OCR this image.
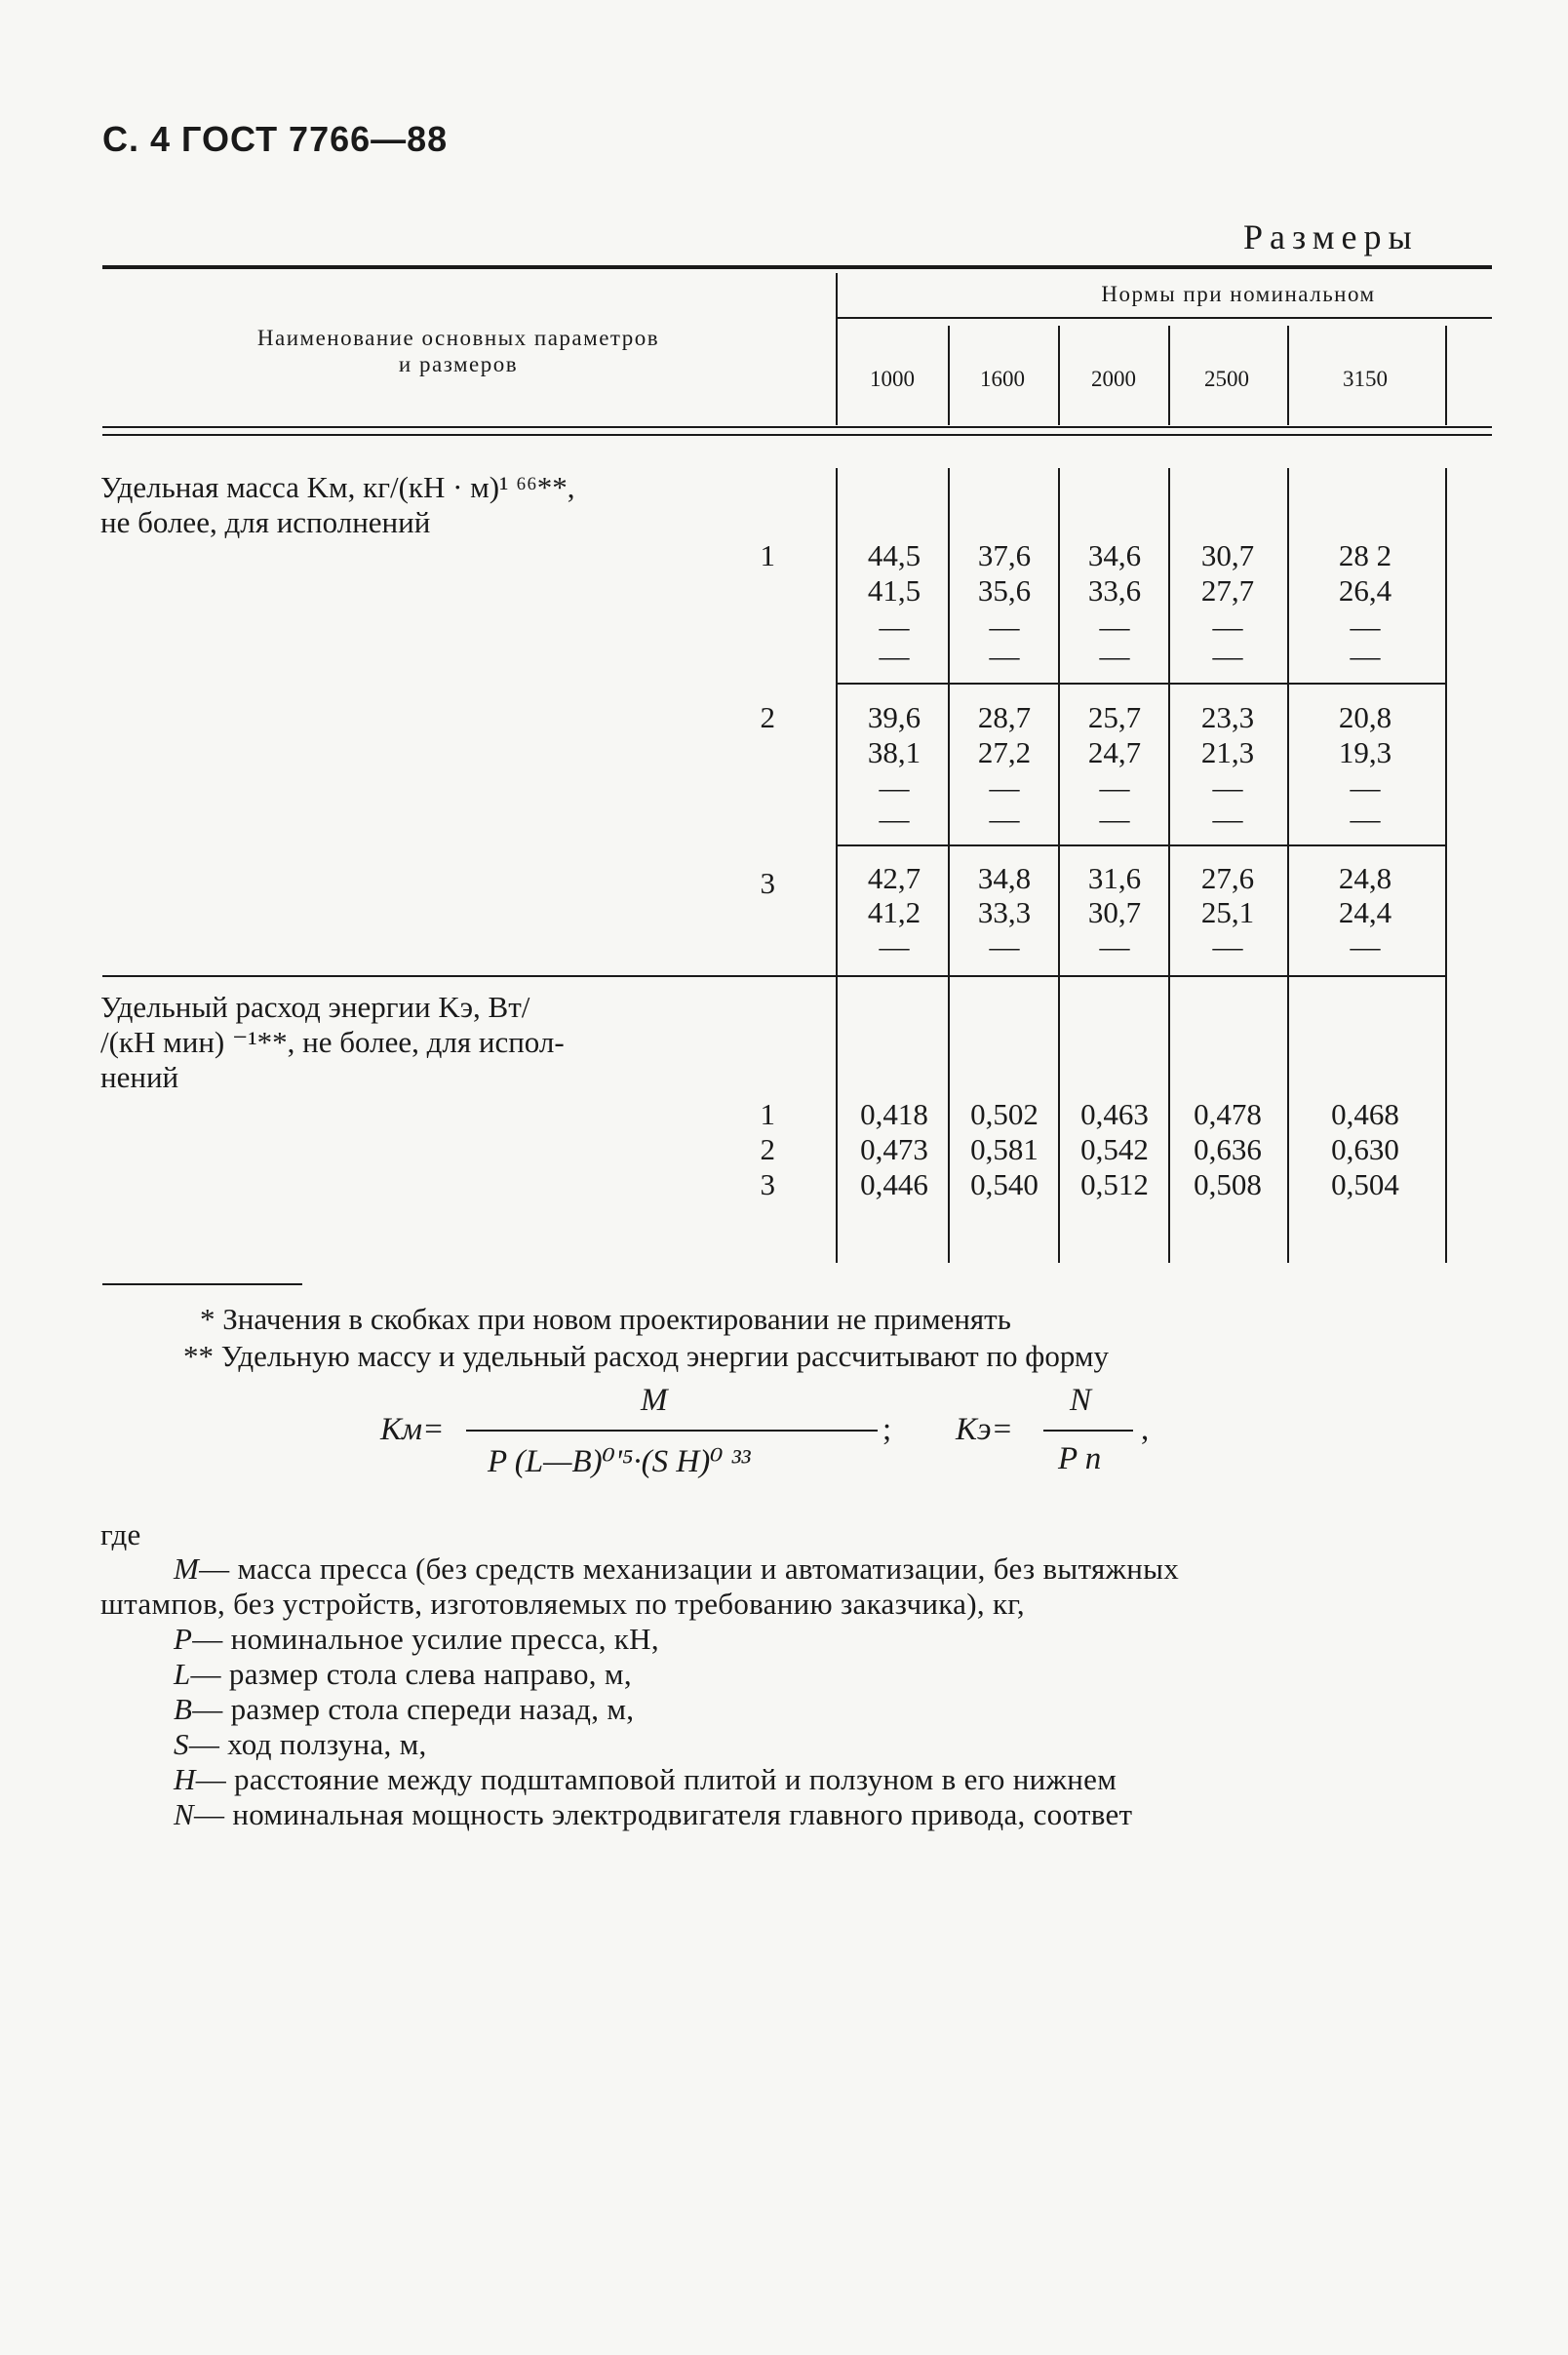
С. 4 ГОСТ 7766—88
Размеры
Наименование основных параметров
и размеров
Нормы при номинальном
1000	1600	2000	2500	3150
Удельная масса Kм, кг/(кН · м)¹ ⁶⁶**,
не более, для исполнений
1	44,5	37,6	34,6	30,7	28 2
41,5	35,6	33,6	27,7	26,4
—	—	—	—	—
—	—	—	—	—
2	39,6	28,7	25,7	23,3	20,8
38,1	27,2	24,7	21,3	19,3
—	—	—	—	—
—	—	—	—	—
3	42,7	34,8	31,6	27,6	24,8
41,2	33,3	30,7	25,1	24,4
—	—	—	—	—
Удельный расход энергии Kэ, Вт/
/(кН мин) ⁻¹**, не более, для испол-
нений
1	0,418	0,502	0,463	0,478	0,468
2	0,473	0,581	0,542	0,636	0,630
3	0,446	0,540	0,512	0,508	0,504
* Значения в скобках при новом проектировании не применять
** Удельную массу и удельный расход энергии рассчитывают по форму
Kм=
M
P (L—B)⁰'⁵·(S H)⁰ ³³
; Kэ=
N
P n
,
где
M— масса пресса (без средств механизации и автоматизации, без вытяжных
штампов, без устройств, изготовляемых по требованию заказчика), кг,
P— номинальное усилие пресса, кН,
L— размер стола слева направо, м,
B— размер стола спереди назад, м,
S— ход ползуна, м,
H— расстояние между подштамповой плитой и ползуном в его нижнем
N— номинальная мощность электродвигателя главного привода, соответ
